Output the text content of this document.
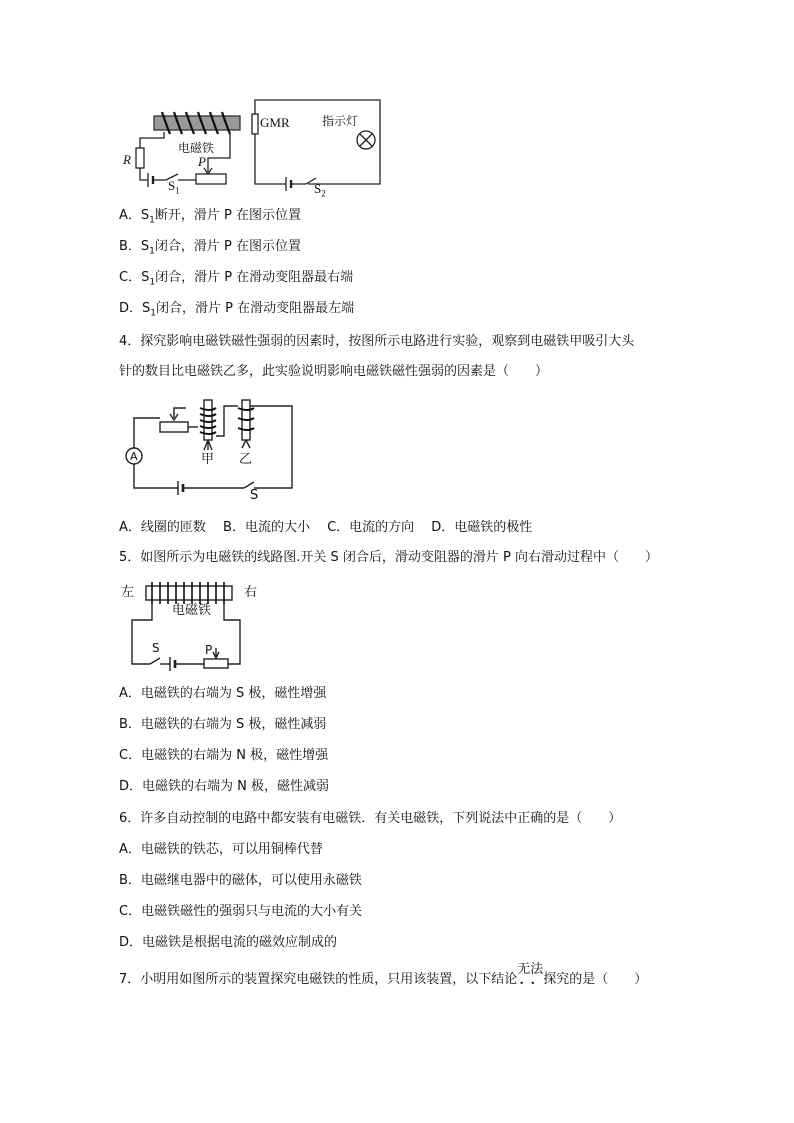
电磁铁
R	P
$S_1$
GMR	指示灯
$S_2$
A．$S_1$断开，滑片 P 在图示位置
B．$S_1$闭合，滑片 P 在图示位置
C．$S_1$闭合，滑片 P 在滑动变阻器最右端
D．$S_1$闭合，滑片 P 在滑动变阻器最左端
4．探究影响电磁铁磁性强弱的因素时，按图所示电路进行实验，观察到电磁铁甲吸引大头
针的数目比电磁铁乙多，此实验说明影响电磁铁磁性强弱的因素是（　　）
A	甲 乙
S
A．线圈的匝数　 B．电流的大小　 C．电流的方向　 D．电磁铁的极性
5．如图所示为电磁铁的线路图.开关 S 闭合后，滑动变阻器的滑片 P 向右滑动过程中（　　）
左	右
电磁铁
S	P
A．电磁铁的右端为 S 极，磁性增强
B．电磁铁的右端为 S 极，磁性减弱
C．电磁铁的右端为 N 极，磁性增强
D．电磁铁的右端为 N 极，磁性减弱
6．许多自动控制的电路中都安装有电磁铁．有关电磁铁，下列说法中正确的是（　　）
A．电磁铁的铁芯，可以用铜棒代替
B．电磁继电器中的磁体，可以使用永磁铁
C．电磁铁磁性的强弱只与电流的大小有关
D．电磁铁是根据电流的磁效应制成的
7．小明用如图所示的装置探究电磁铁的性质，只用该装置，以下结论无法 • •探究的是（　　）
